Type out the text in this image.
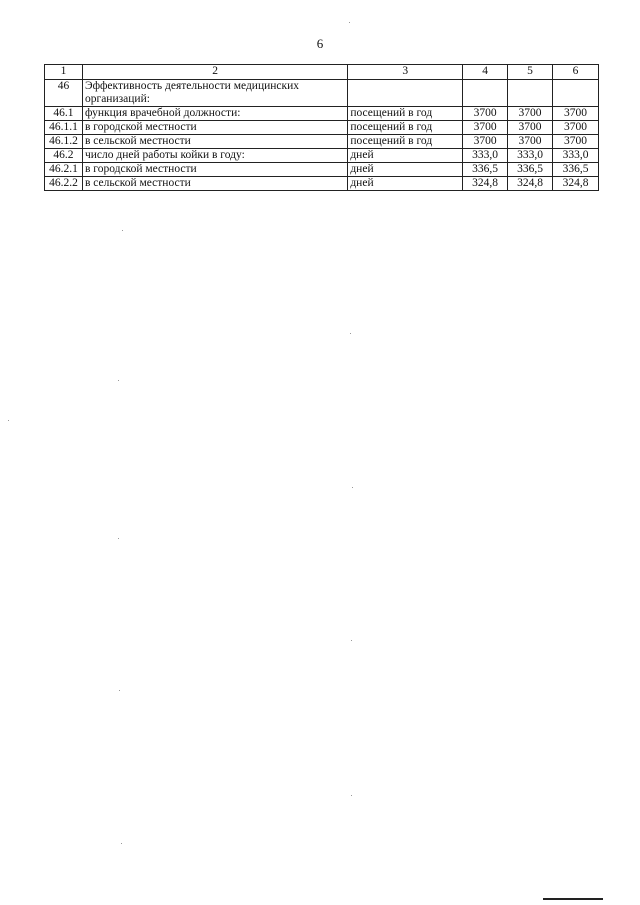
6
1	2	3	4	5	6
46	Эффективность деятельности медицинских организаций:				
46.1	функция врачебной должности:	посещений в год	3700	3700	3700
46.1.1	в городской местности	посещений в год	3700	3700	3700
46.1.2	в сельской местности	посещений в год	3700	3700	3700
46.2	число дней работы койки в году:	дней	333,0	333,0	333,0
46.2.1	в городской местности	дней	336,5	336,5	336,5
46.2.2	в сельской местности	дней	324,8	324,8	324,8
